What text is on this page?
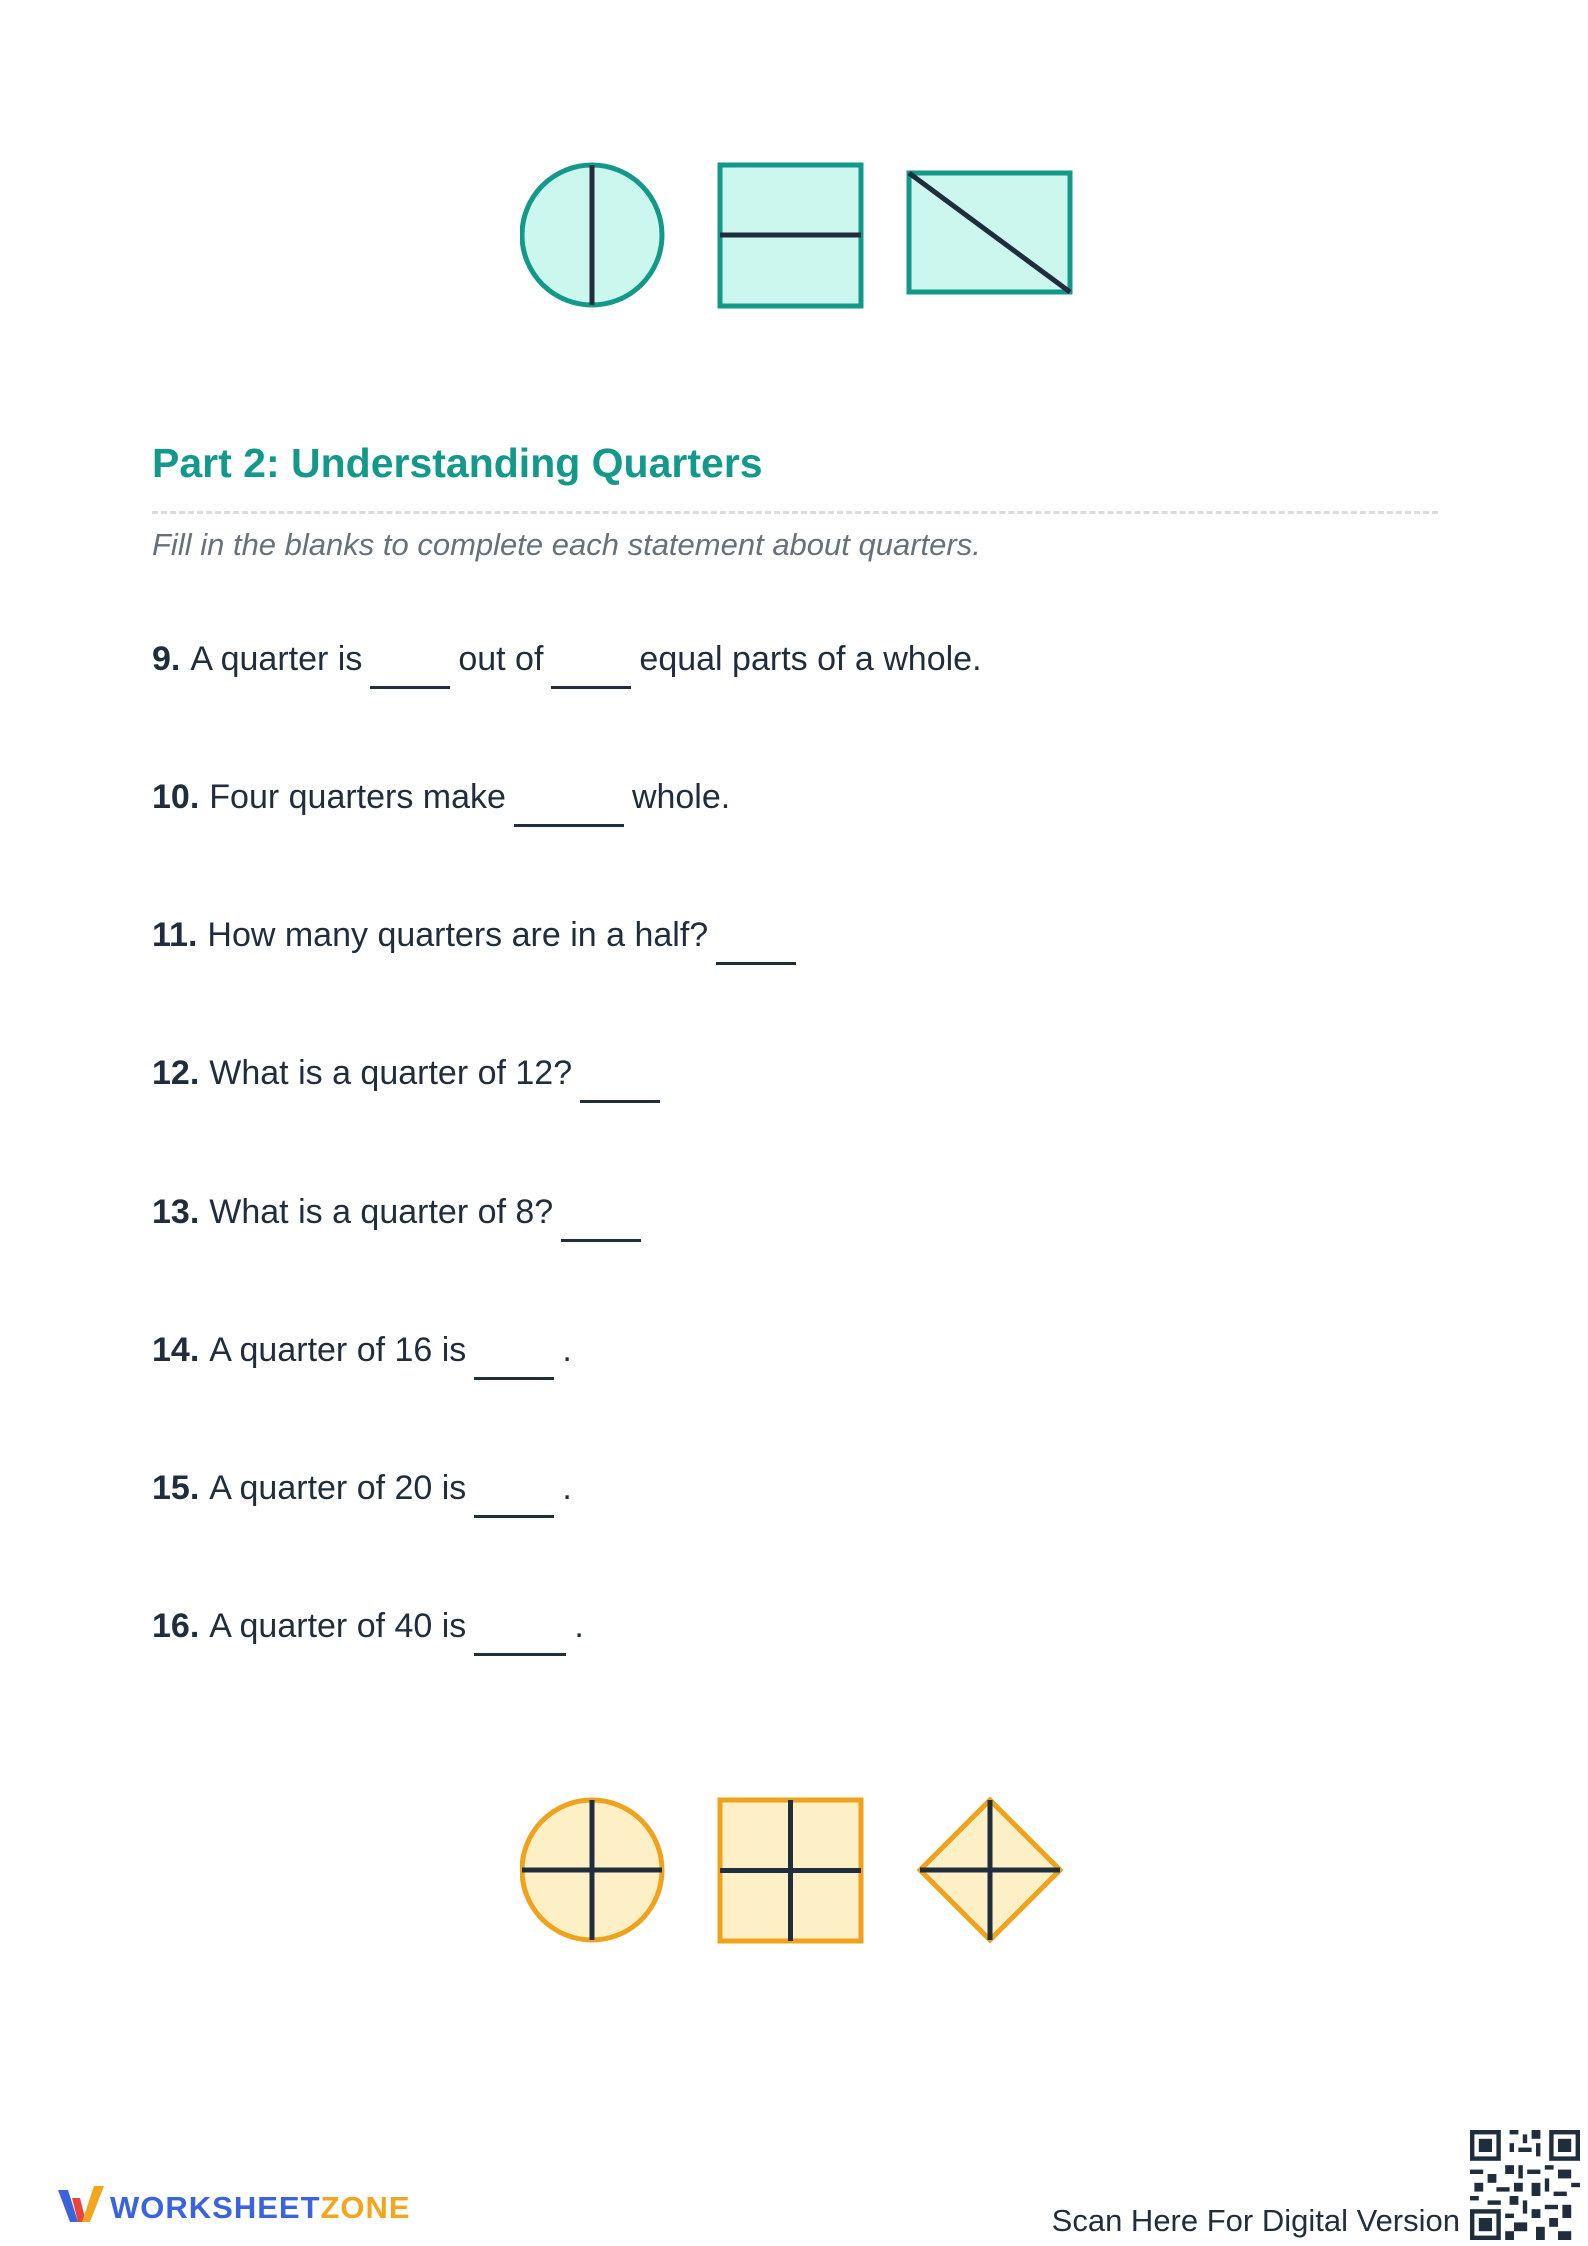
Part 2: Understanding Quarters
Fill in the blanks to complete each statement about quarters.
9. A quarter is	out of	equal parts of a whole.
10. Four quarters make	whole.
11. How many quarters are in a half?
12. What is a quarter of 12?
13. What is a quarter of 8?
14. A quarter of 16 is	.
15. A quarter of 20 is	.
16. A quarter of 40 is	.
WORKSHEETZONE	Scan Here For Digital Version
